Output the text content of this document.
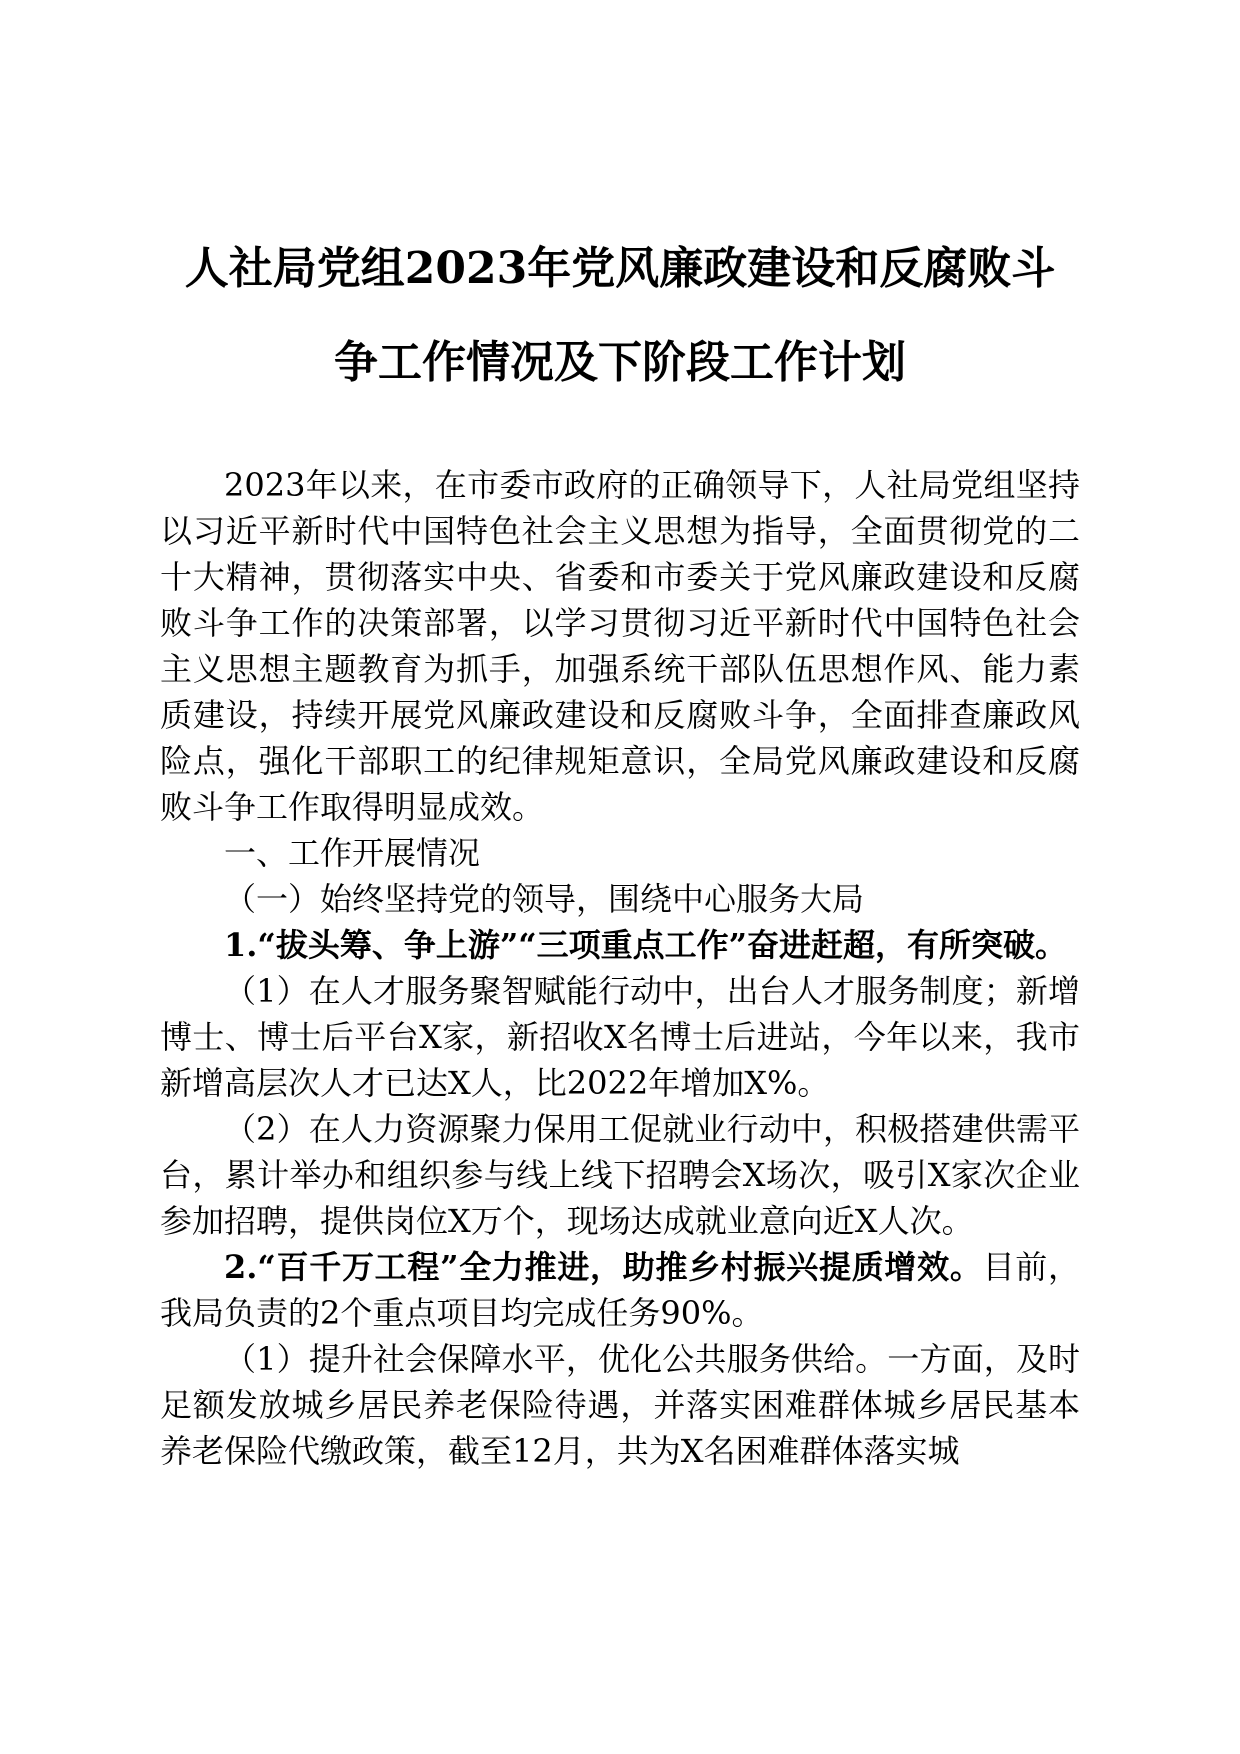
人社局党组2023年党风廉政建设和反腐败斗
争工作情况及下阶段工作计划

2023年以来，在市委市政府的正确领导下，人社局党组坚持以习近平新时代中国特色社会主义思想为指导，全面贯彻党的二十大精神，贯彻落实中央、省委和市委关于党风廉政建设和反腐败斗争工作的决策部署，以学习贯彻习近平新时代中国特色社会主义思想主题教育为抓手，加强系统干部队伍思想作风、能力素质建设，持续开展党风廉政建设和反腐败斗争，全面排查廉政风险点，强化干部职工的纪律规矩意识，全局党风廉政建设和反腐败斗争工作取得明显成效。

一、工作开展情况

（一）始终坚持党的领导，围绕中心服务大局

1.“拔头筹、争上游”“三项重点工作”奋进赶超，有所突破。

（1）在人才服务聚智赋能行动中，出台人才服务制度；新增博士、博士后平台X家，新招收X名博士后进站，今年以来，我市新增高层次人才已达X人，比2022年增加X%。

（2）在人力资源聚力保用工促就业行动中，积极搭建供需平台，累计举办和组织参与线上线下招聘会X场次，吸引X家次企业参加招聘，提供岗位X万个，现场达成就业意向近X人次。

2.“百千万工程”全力推进，助推乡村振兴提质增效。目前，我局负责的2个重点项目均完成任务90%。

（1）提升社会保障水平，优化公共服务供给。一方面，及时足额发放城乡居民养老保险待遇，并落实困难群体城乡居民基本养老保险代缴政策，截至12月，共为X名困难群体落实城
